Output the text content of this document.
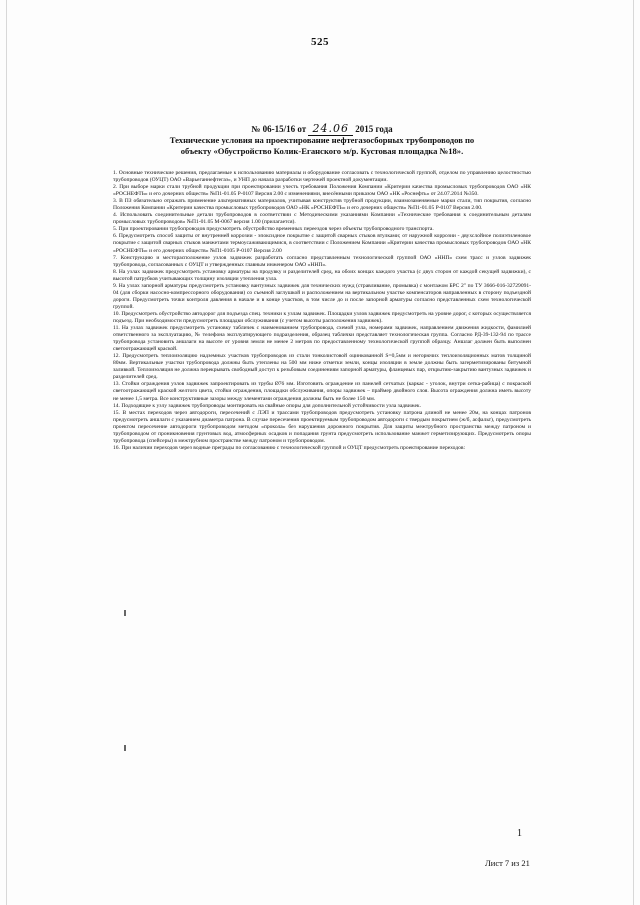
525
№ 06-15/16 от 24.06 2015 года
Технические условия на проектирование нефтегазосборных трубопроводов по
объекту «Обустройство Колик-Еганского м/р. Кустовая площадка №18».

1. Основные технические решения, предлагаемые к использованию материалы и оборудование согласовать с технологической группой, отделом по управлению целостностью трубопроводов (ОУЦТ) ОАО «Варьеганнефтегаз», и УНП до начала разработки чертежей проектной документации.

2. При выборе марки стали трубной продукции при проектировании учесть требования Положения Компании «Критерии качества промысловых трубопроводов ОАО «НК «РОСНЕФТЬ» и его дочерних обществ» №П1-01.05 Р-0107 Версия 2.00 с изменениями, внесёнными приказом ОАО «НК «Роснефть» от 24.07.2014 №350.

3. В ПЗ обязательно отражать применение альтернативных материалов, учитывая конструктив трубной продукции, взаимозаменяемые марки стали, тип покрытия, согласно Положения Компании «Критерии качества промысловых трубопроводов ОАО «НК «РОСНЕФТЬ» и его дочерних обществ» №П1-01.05 Р-0107 Версия 2.00.

4. Использовать соединительные детали трубопроводов в соответствии с Методическими указаниями Компании «Технические требования к соединительным деталям промысловых трубопроводов» №П1-01.05 М-0067 версия 1.00 (прилагается).

5. При проектировании трубопроводов предусмотреть обустройство временных переездов через объекты трубопроводного транспорта.

6. Предусмотреть способ защиты от внутренней коррозии - эпоксидное покрытие с защитой сварных стыков втулками; от наружной коррозии - двухслойное полиэтиленовое покрытие с защитой сварных стыков манжетами термоусаживающимися, в соответствии с Положением Компании «Критерии качества промысловых трубопроводов ОАО «НК «РОСНЕФТЬ» и его дочерних обществ» №П1-0105 Р-0107 Версия 2.00

7. Конструкцию и месторасположение узлов задвижек разработать согласно представленным технологической группой ОАО «ННП» схем трасс и узлов задвижек трубопровода, согласованных с ОУЦТ и утвержденных главным инженером ОАО «ННП».

8. На узлах задвижек предусмотреть установку арматуры на продувку и разделителей сред, на обоих концах каждого участка (с двух сторон от каждой секущей задвижки), с высотой патрубков учитывающих толщину изоляции утепления узла.

9. На узлах запорной арматуры предусмотреть установку вантузных задвижек для технических нужд (стравливание, промывка) с монтажом БРС 2" по ТУ 3666-016-32729091-04 (для сборки насосно-компрессорного оборудования) со съемной заглушкой и расположением на вертикальном участке компенсаторов направленных в сторону подъездной дороги. Предусмотреть точки контроля давления в начале и в конце участков, в том числе до и после запорной арматуры согласно представленных схем технологической группой.

10. Предусмотреть обустройство автодорог для подъезда спец. техники к узлам задвижек. Площадки узлов задвижек предусмотреть на уровне дорог, с которых осуществляется подъезд. При необходимости предусмотреть площадки обслуживания (с учетом высоты расположения задвижек).

11. На узлах задвижек предусмотреть установку табличек с наименованием трубопровода, схемой узла, номерами задвижек, направлением движения жидкости, фамилией ответственного за эксплуатацию, № телефона эксплуатирующего подразделения, образец таблички представляет технологическая группа. Согласно РД-39-132-94 по трассе трубопровода установить аншлаги на высоте от уровня земли не менее 2 метров по предоставленному технологической группой образцу. Аншлаг должен быть выполнен светоотражающей краской.

12. Предусмотреть теплоизоляцию надземных участков трубопроводов из стали тонколистовой оцинкованной S=0,5мм и негорючих теплоизоляционных матов толщиной 80мм. Вертикальные участки трубопровода должны быть утеплены на 500 мм ниже отметки земли, концы изоляции в земле должны быть загерметизированы битумной заливкой. Теплоизоляция не должна перекрывать свободный доступ к резьбовым соединениям запорной арматуры, фланцевых пар, открытию-закрытию вантузных задвижек и разделителей сред.

13. Стойки ограждения узлов задвижек запроектировать из трубы Ø76 мм. Изготовить ограждение из панелей сетчатых (каркас - уголок, внутри сетка-рабица) с покраской светоотражающей краской желтого цвета, стойки ограждения, площадки обслуживания, опоры задвижек – праймер двойного слоя. Высота ограждения должна иметь высоту не менее 1,5 метра. Все конструктивные зазоры между элементами ограждения должны быть не более 150 мм.

14. Подходящие к узлу задвижек трубопроводы монтировать на свайные опоры для дополнительной устойчивости узла задвижек.

15. В местах переходов через автодороги, пересечений с ЛЭП и трассами трубопроводов предусмотреть установку патрона длиной не менее 20м, на концах патронов предусмотреть аншлаги с указанием диаметра патрона. В случае пересечения проектируемым трубопроводом автодороги с твердым покрытием (ж/б, асфальт), предусмотреть проектом пересечение автодороги трубопроводом методом «прокола» без нарушения дорожного покрытия. Для защиты межтрубного пространства между патроном и трубопроводом от проникновения грунтовых вод, атмосферных осадков и попадания грунта предусмотреть использование манжет герметизирующих. Предусмотреть опоры трубопровода (спейсеры) в межтрубном пространстве между патроном и трубопроводом.

16. При наличии переходов через водные преграды по согласованию с технологической группой и ОУЦТ предусмотреть проектирование переходов:

1
Лист 7 из 21
